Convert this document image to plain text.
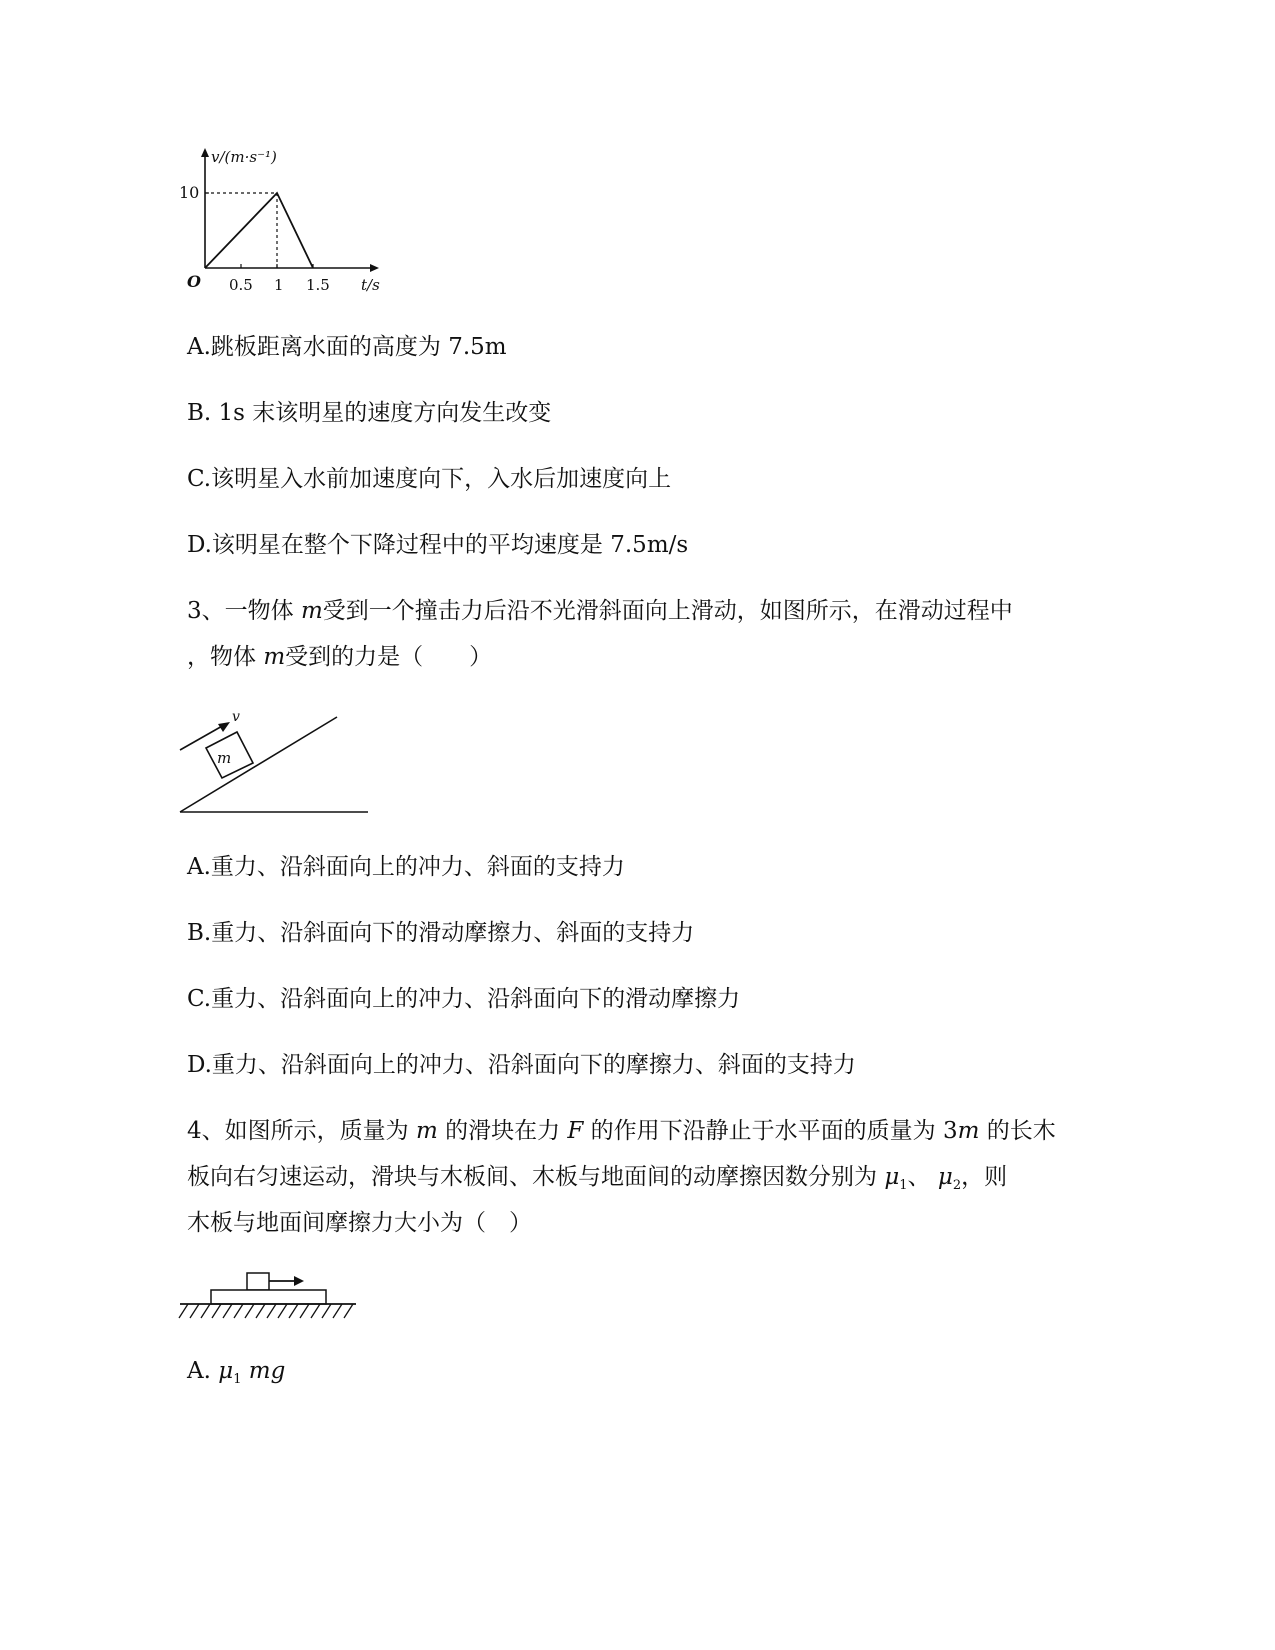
v/(m·s⁻¹)
t/s
O
10
0.5 1 1.5
A.跳板距离水面的高度为 7.5m
B. 1s 末该明星的速度方向发生改变
C.该明星入水前加速度向下，入水后加速度向上
D.该明星在整个下降过程中的平均速度是 7.5m/s
3、一物体 m受到一个撞击力后沿不光滑斜面向上滑动，如图所示，在滑动过程中
，物体 m受到的力是（　　）
m
v
A.重力、沿斜面向上的冲力、斜面的支持力
B.重力、沿斜面向下的滑动摩擦力、斜面的支持力
C.重力、沿斜面向上的冲力、沿斜面向下的滑动摩擦力
D.重力、沿斜面向上的冲力、沿斜面向下的摩擦力、斜面的支持力
4、如图所示，质量为 m 的滑块在力 F 的作用下沿静止于水平面的质量为 3m 的长木
板向右匀速运动，滑块与木板间、木板与地面间的动摩擦因数分别为 $\mu_1$、 $\mu_2$，则
木板与地面间摩擦力大小为（　）
A. $\mu_1$ mg
